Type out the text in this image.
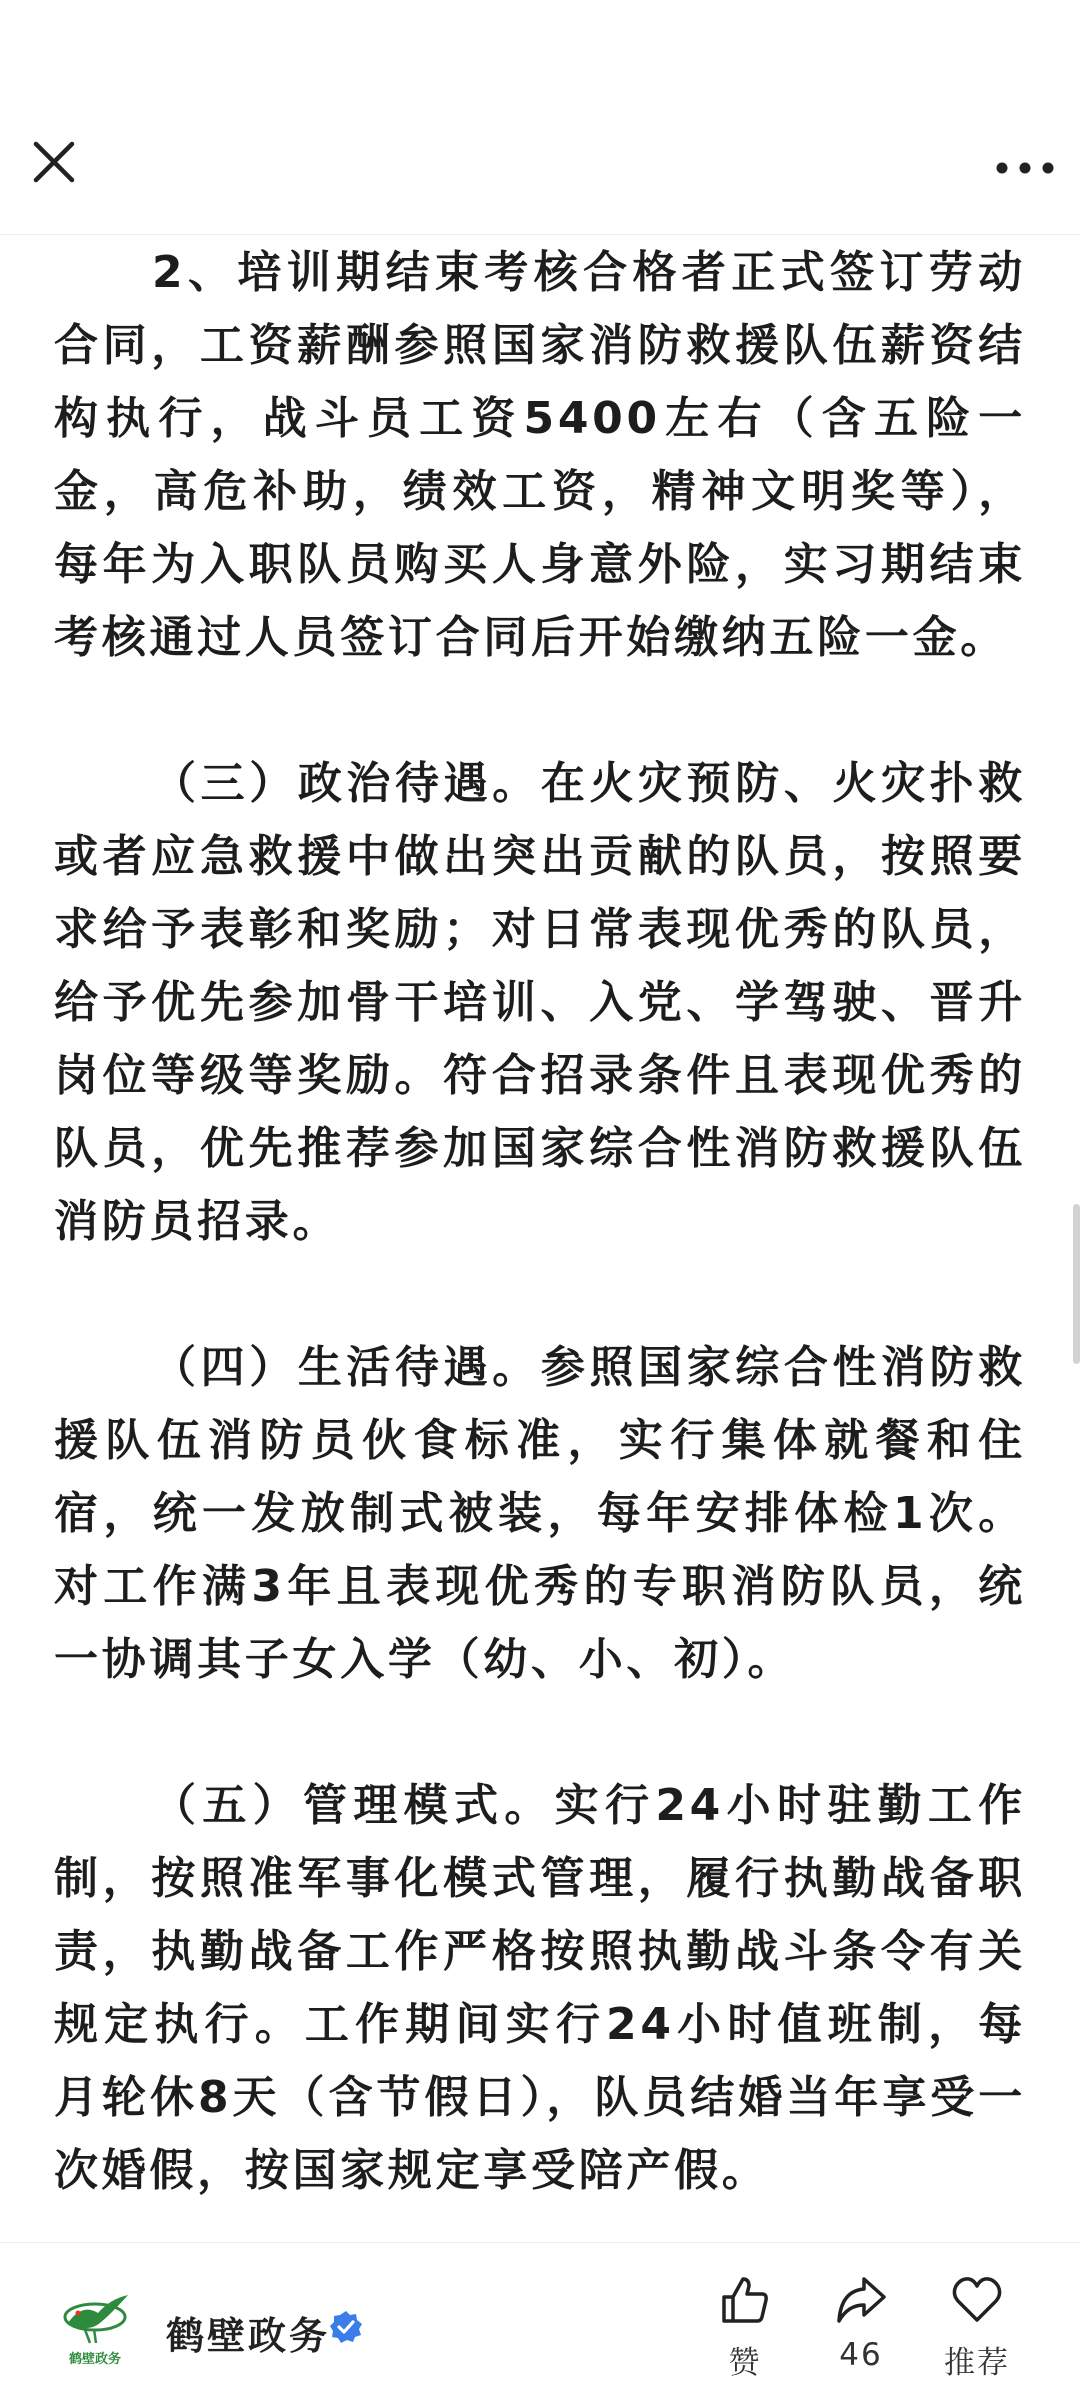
2、培训期结束考核合格者正式签订劳动合同，工资薪酬参照国家消防救援队伍薪资结构执行，战斗员工资5400左右（含五险一金，高危补助，绩效工资，精神文明奖等），每年为入职队员购买人身意外险，实习期结束考核通过人员签订合同后开始缴纳五险一金。

（三）政治待遇。在火灾预防、火灾扑救或者应急救援中做出突出贡献的队员，按照要求给予表彰和奖励；对日常表现优秀的队员，给予优先参加骨干培训、入党、学驾驶、晋升岗位等级等奖励。符合招录条件且表现优秀的队员，优先推荐参加国家综合性消防救援队伍消防员招录。

（四）生活待遇。参照国家综合性消防救援队伍消防员伙食标准，实行集体就餐和住宿，统一发放制式被装，每年安排体检1次。对工作满3年且表现优秀的专职消防队员，统一协调其子女入学（幼、小、初）。

（五）管理模式。实行24小时驻勤工作制，按照准军事化模式管理，履行执勤战备职责，执勤战备工作严格按照执勤战斗条令有关规定执行。工作期间实行24小时值班制，每月轮休8天（含节假日），队员结婚当年享受一次婚假，按国家规定享受陪产假。

鹤壁政务
鹤壁政务
赞	46	推荐
